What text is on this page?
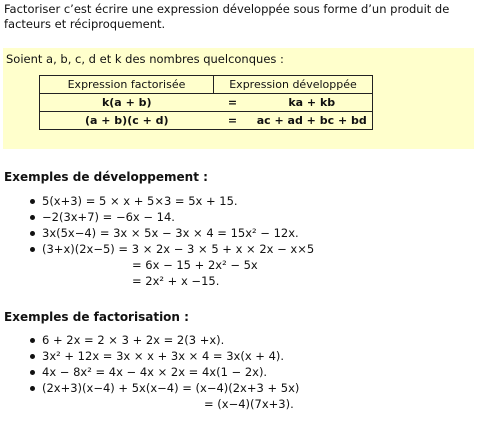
Factoriser c’est écrire une expression développée sous forme d’un produit de facteurs et réciproquement.
Soient a, b, c, d et k des nombres quelconques :
Expression factorisée	Expression développée	
k(a + b)	=	ka + kb
(a + b)(c + d)	=	ac + ad + bc + bd
Exemples de développement :
5(x+3) = 5 × x + 5×3 = 5x + 15.
−2(3x+7) = −6x − 14.
3x(5x−4) = 3x × 5x − 3x × 4 = 15x² − 12x.
(3+x)(2x−5) = 3 × 2x − 3 × 5 + x × 2x − x×5
= 6x − 15 + 2x² − 5x
= 2x² + x −15.
Exemples de factorisation :
6 + 2x = 2 × 3 + 2x = 2(3 +x).
3x² + 12x = 3x × x + 3x × 4 = 3x(x + 4).
4x − 8x² = 4x − 4x × 2x = 4x(1 − 2x).
(2x+3)(x−4) + 5x(x−4) = (x−4)(2x+3 + 5x)
= (x−4)(7x+3).
